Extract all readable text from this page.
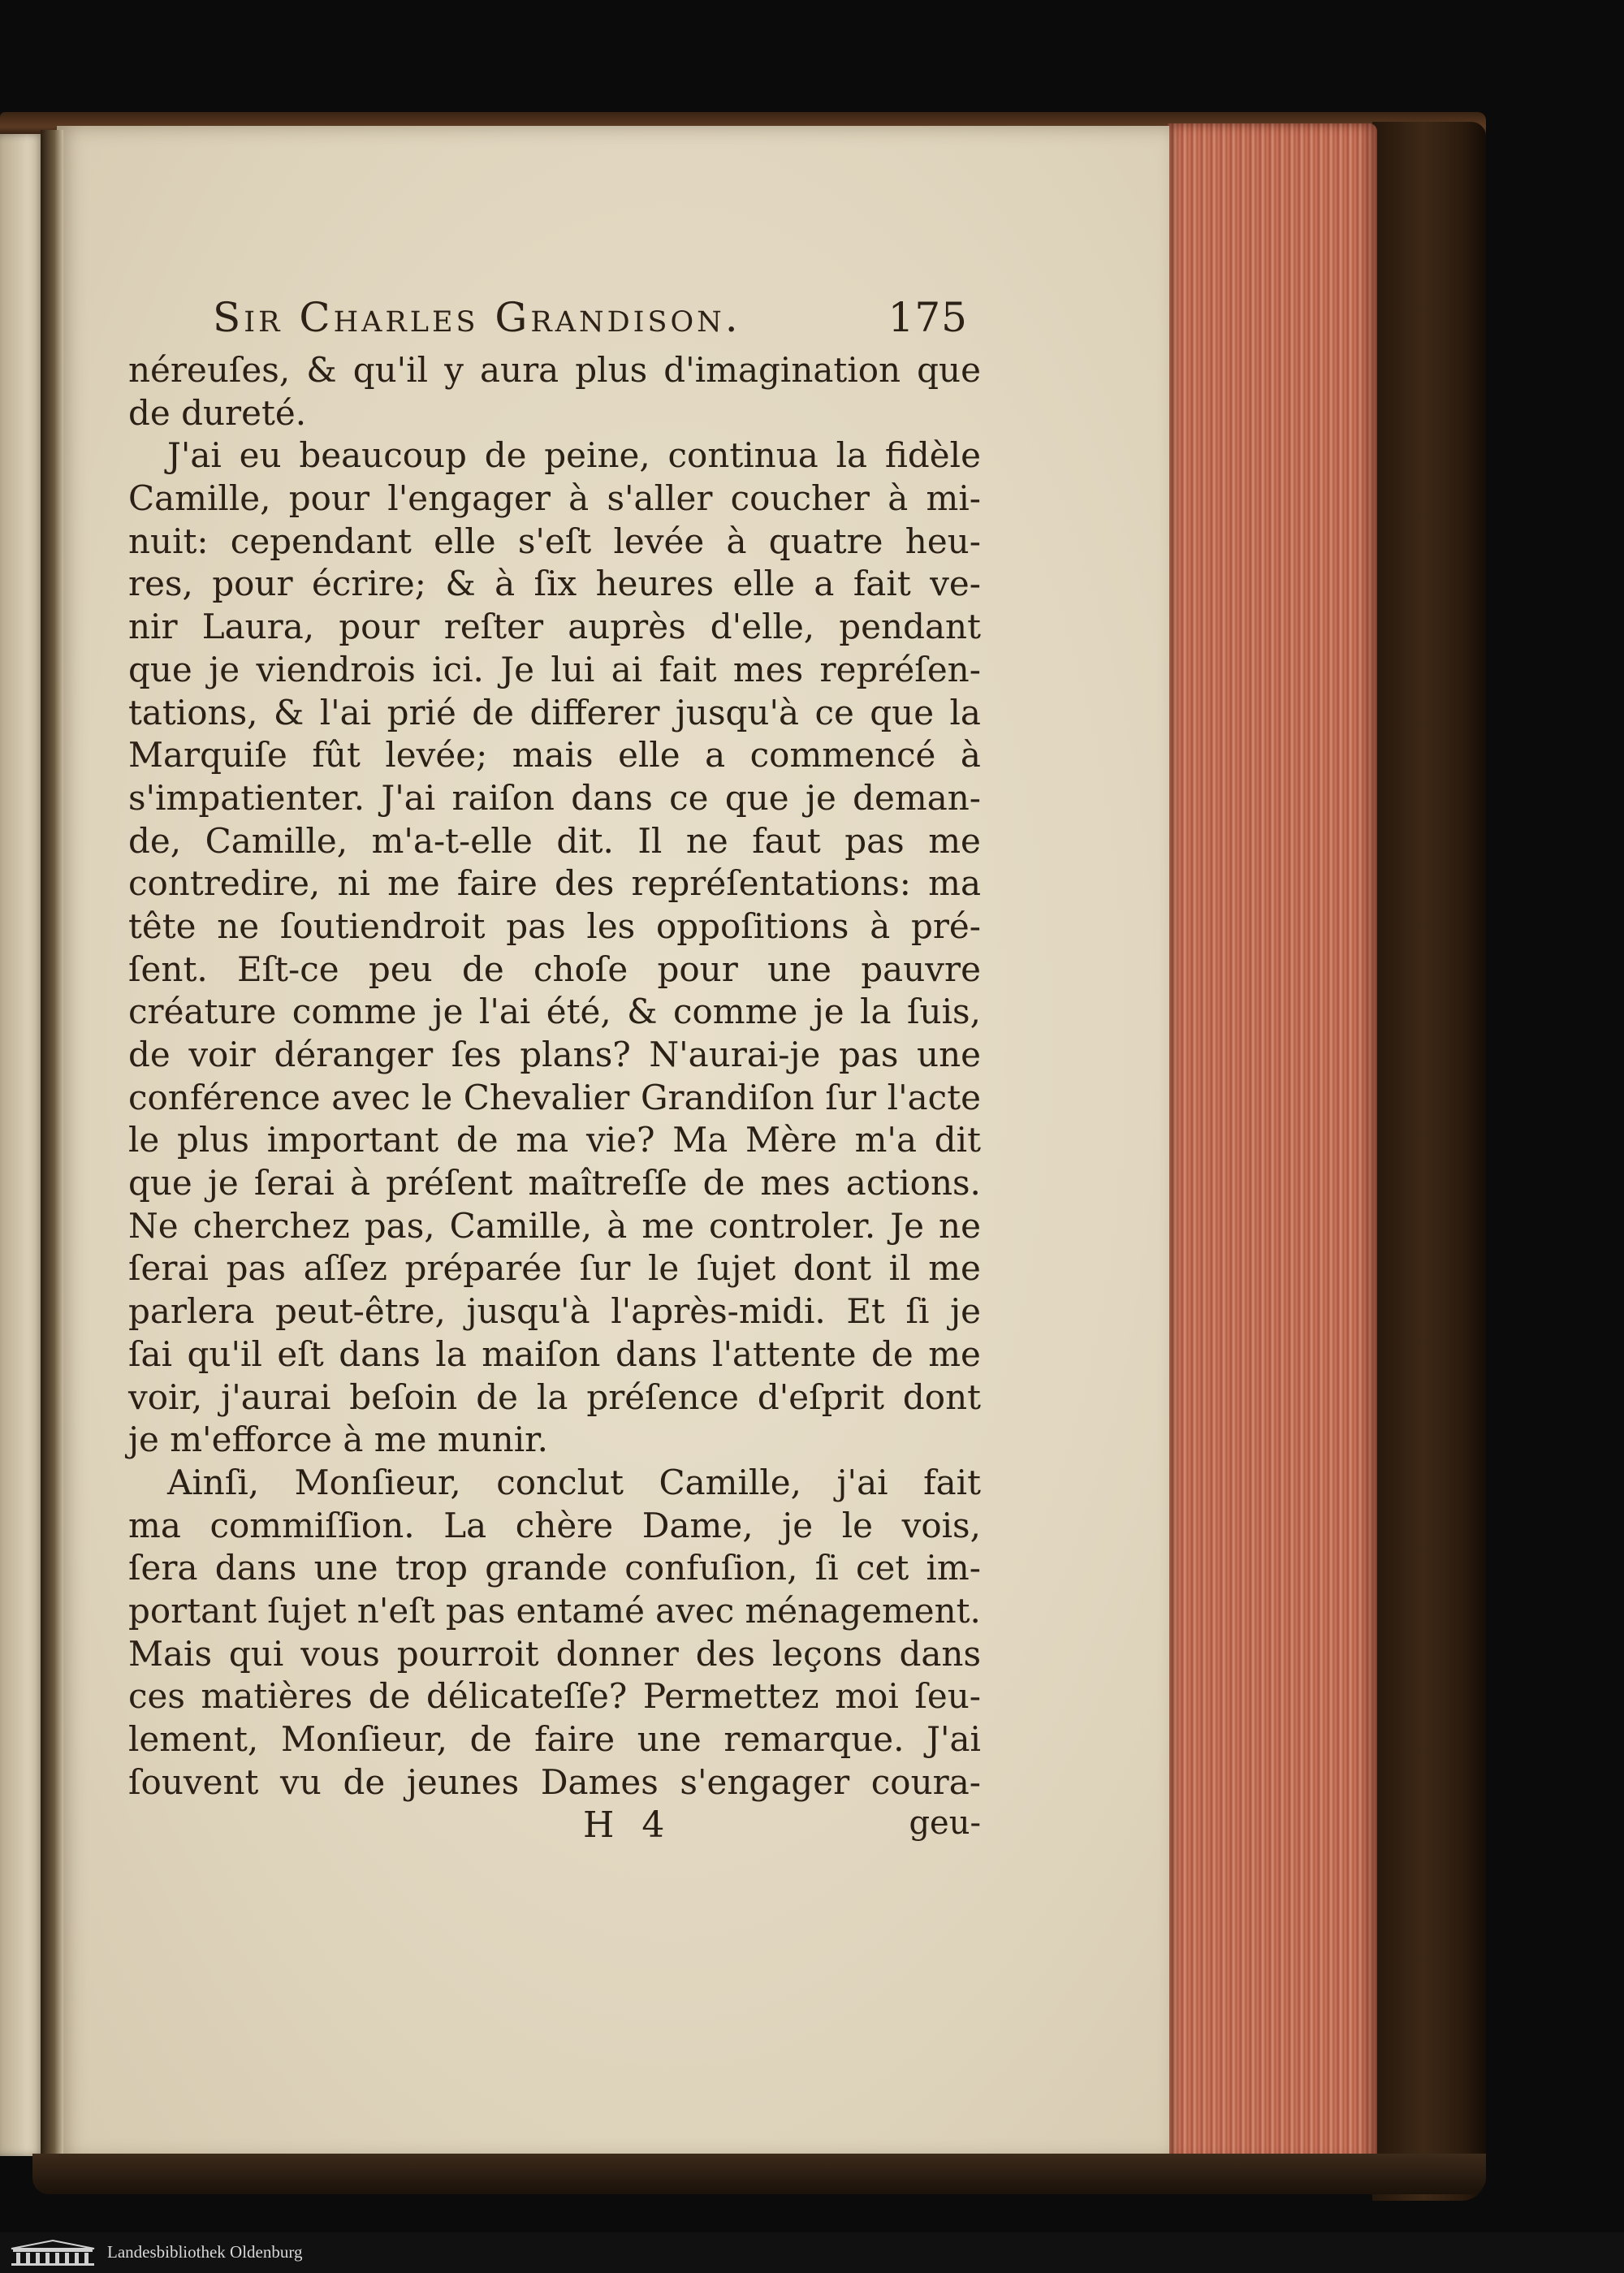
Sir Charles Grandison.	175
néreuſes, & qu'il y aura plus d'imagination que
de dureté.
J'ai eu beaucoup de peine, continua la fidèle
Camille, pour l'engager à s'aller coucher à mi-
nuit: cependant elle s'eſt levée à quatre heu-
res, pour écrire; & à ſix heures elle a fait ve-
nir Laura, pour reſter auprès d'elle, pendant
que je viendrois ici. Je lui ai fait mes repréſen-
tations, & l'ai prié de differer jusqu'à ce que la
Marquiſe fût levée; mais elle a commencé à
s'impatienter. J'ai raiſon dans ce que je deman-
de, Camille, m'a-t-elle dit. Il ne faut pas me
contredire, ni me faire des repréſentations: ma
tête ne ſoutiendroit pas les oppoſitions à pré-
ſent. Eſt-ce peu de choſe pour une pauvre
créature comme je l'ai été, & comme je la ſuis,
de voir déranger ſes plans? N'aurai-je pas une
conférence avec le Chevalier Grandiſon ſur l'acte
le plus important de ma vie? Ma Mère m'a dit
que je ſerai à préſent maîtreſſe de mes actions.
Ne cherchez pas, Camille, à me controler. Je ne
ſerai pas aſſez préparée ſur le ſujet dont il me
parlera peut-être, jusqu'à l'après-midi. Et ſi je
ſai qu'il eſt dans la maiſon dans l'attente de me
voir, j'aurai beſoin de la préſence d'eſprit dont
je m'efforce à me munir.
Ainſi, Monſieur, conclut Camille, j'ai fait
ma commiſſion. La chère Dame, je le vois,
ſera dans une trop grande confuſion, ſi cet im-
portant ſujet n'eſt pas entamé avec ménagement.
Mais qui vous pourroit donner des leçons dans
ces matières de délicateſſe? Permettez moi ſeu-
lement, Monſieur, de faire une remarque. J'ai
ſouvent vu de jeunes Dames s'engager coura-
H 4	geu-
Landesbibliothek Oldenburg
